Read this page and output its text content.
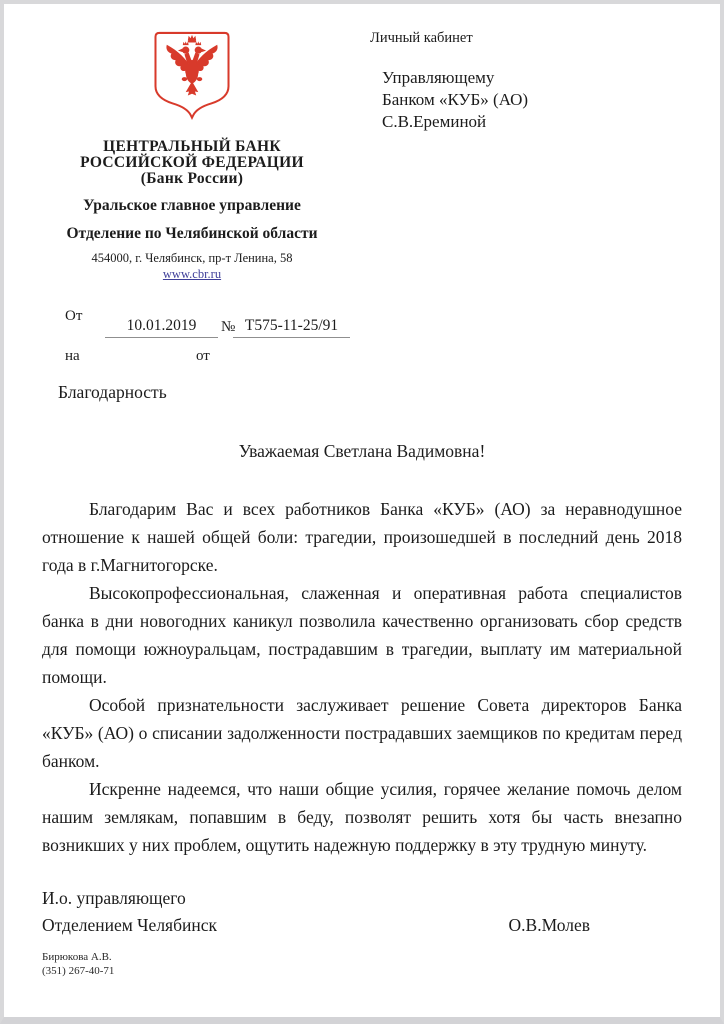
ЦЕНТРАЛЬНЫЙ БАНК
РОССИЙСКОЙ ФЕДЕРАЦИИ
(Банк России)
Уральское главное управление
Отделение по Челябинской области
454000, г. Челябинск, пр-т Ленина, 58
www.cbr.ru
Личный кабинет
Управляющему
Банком «КУБ» (АО)
С.В.Ереминой
От
10.01.2019	№ Т575-11-25/91
на	от
Благодарность
Уважаемая Светлана Вадимовна!

Благодарим Вас и всех работников Банка «КУБ» (АО) за неравнодушное отношение к нашей общей боли: трагедии, произошедшей в последний день 2018 года в г.Магнитогорске.

Высокопрофессиональная, слаженная и оперативная работа специалистов банка в дни новогодних каникул позволила качественно организовать сбор средств для помощи южноуральцам, пострадавшим в трагедии, выплату им материальной помощи.

Особой признательности заслуживает решение Совета директоров Банка «КУБ» (АО) о списании задолженности пострадавших заемщиков по кредитам перед банком.

Искренне надеемся, что наши общие усилия, горячее желание помочь делом нашим землякам, попавшим в беду, позволят решить хотя бы часть внезапно возникших у них проблем, ощутить надежную поддержку в эту трудную минуту.

И.о. управляющего
Отделением Челябинск	О.В.Молев
Бирюкова А.В.
(351) 267-40-71
